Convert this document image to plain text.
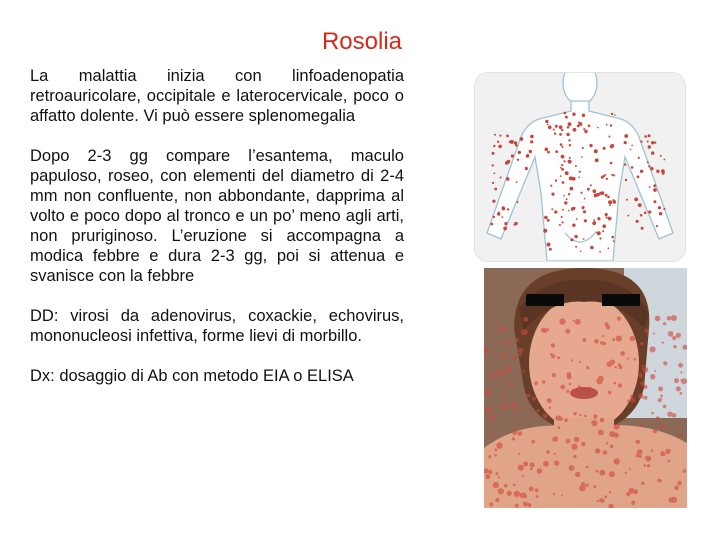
Rosolia

La malattia inizia con linfoadenopatia retroauricolare, occipitale e laterocervicale, poco o affatto dolente. Vi può essere splenomegalia

Dopo 2-3 gg compare l’esantema, maculo papuloso, roseo, con elementi del diametro di 2-4 mm non confluente, non abbondante, dapprima al volto e poco dopo al tronco e un po’ meno agli arti, non pruriginoso. L’eruzione si accompagna a modica febbre e dura 2-3 gg, poi si attenua e svanisce con la febbre

DD: virosi da adenovirus, coxackie, echovirus, mononucleosi infettiva, forme lievi di morbillo.

Dx: dosaggio di Ab con metodo EIA o ELISA
